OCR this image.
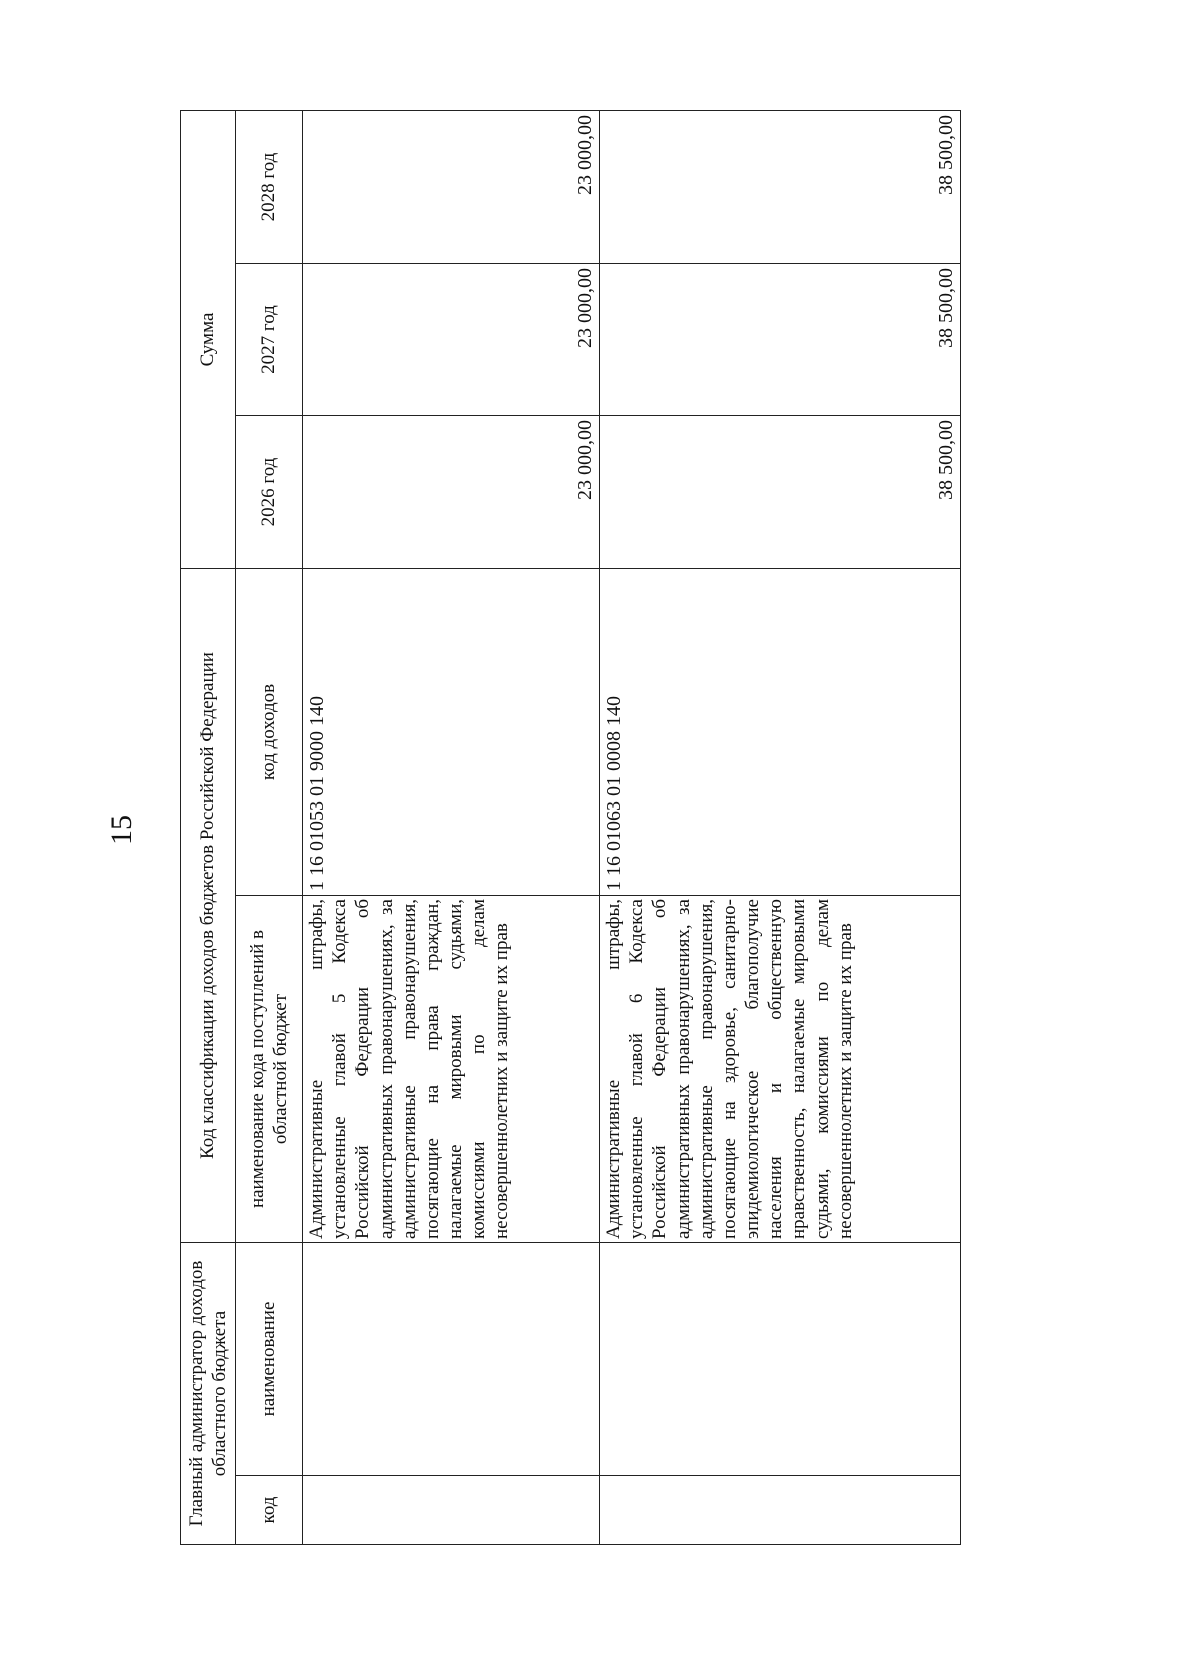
15
Главный администратор доходов областного бюджета		Код классификации доходов бюджетов Российской Федерации		Сумма		
код	наименование	наименование кода поступлений в областной бюджет	код доходов	2026 год	2027 год	2028 год
		Административные штрафы, установленные главой 5 Кодекса Российской Федерации об административных правонарушениях, за административные правонарушения, посягающие на права граждан, налагаемые мировыми судьями, комиссиями по делам несовершеннолетних и защите их прав	1 16 01053 01 9000 140	23 000,00	23 000,00	23 000,00
		Административные штрафы, установленные главой 6 Кодекса Российской Федерации об административных правонарушениях, за административные правонарушения, посягающие на здоровье, санитарно-эпидемиологическое благополучие населения и общественную нравственность, налагаемые мировыми судьями, комиссиями по делам несовершеннолетних и защите их прав	1 16 01063 01 0008 140	38 500,00	38 500,00	38 500,00
